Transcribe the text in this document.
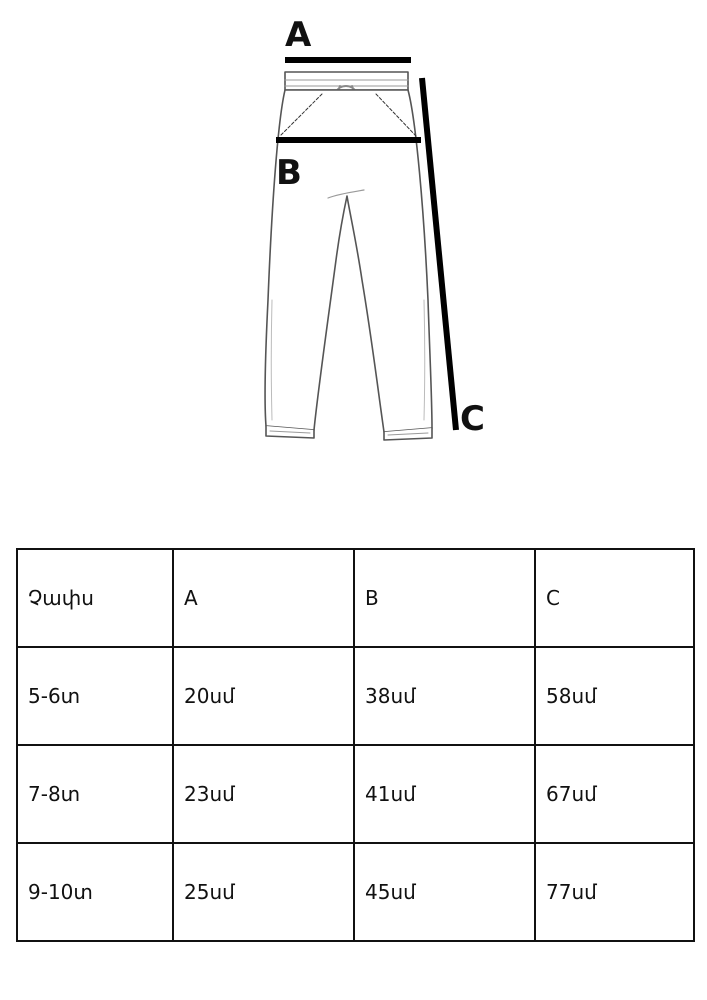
A
B
C
Չափս	A	B	C
5-6տ	20սմ	38սմ	58սմ
7-8տ	23սմ	41սմ	67սմ
9-10տ	25սմ	45սմ	77սմ
